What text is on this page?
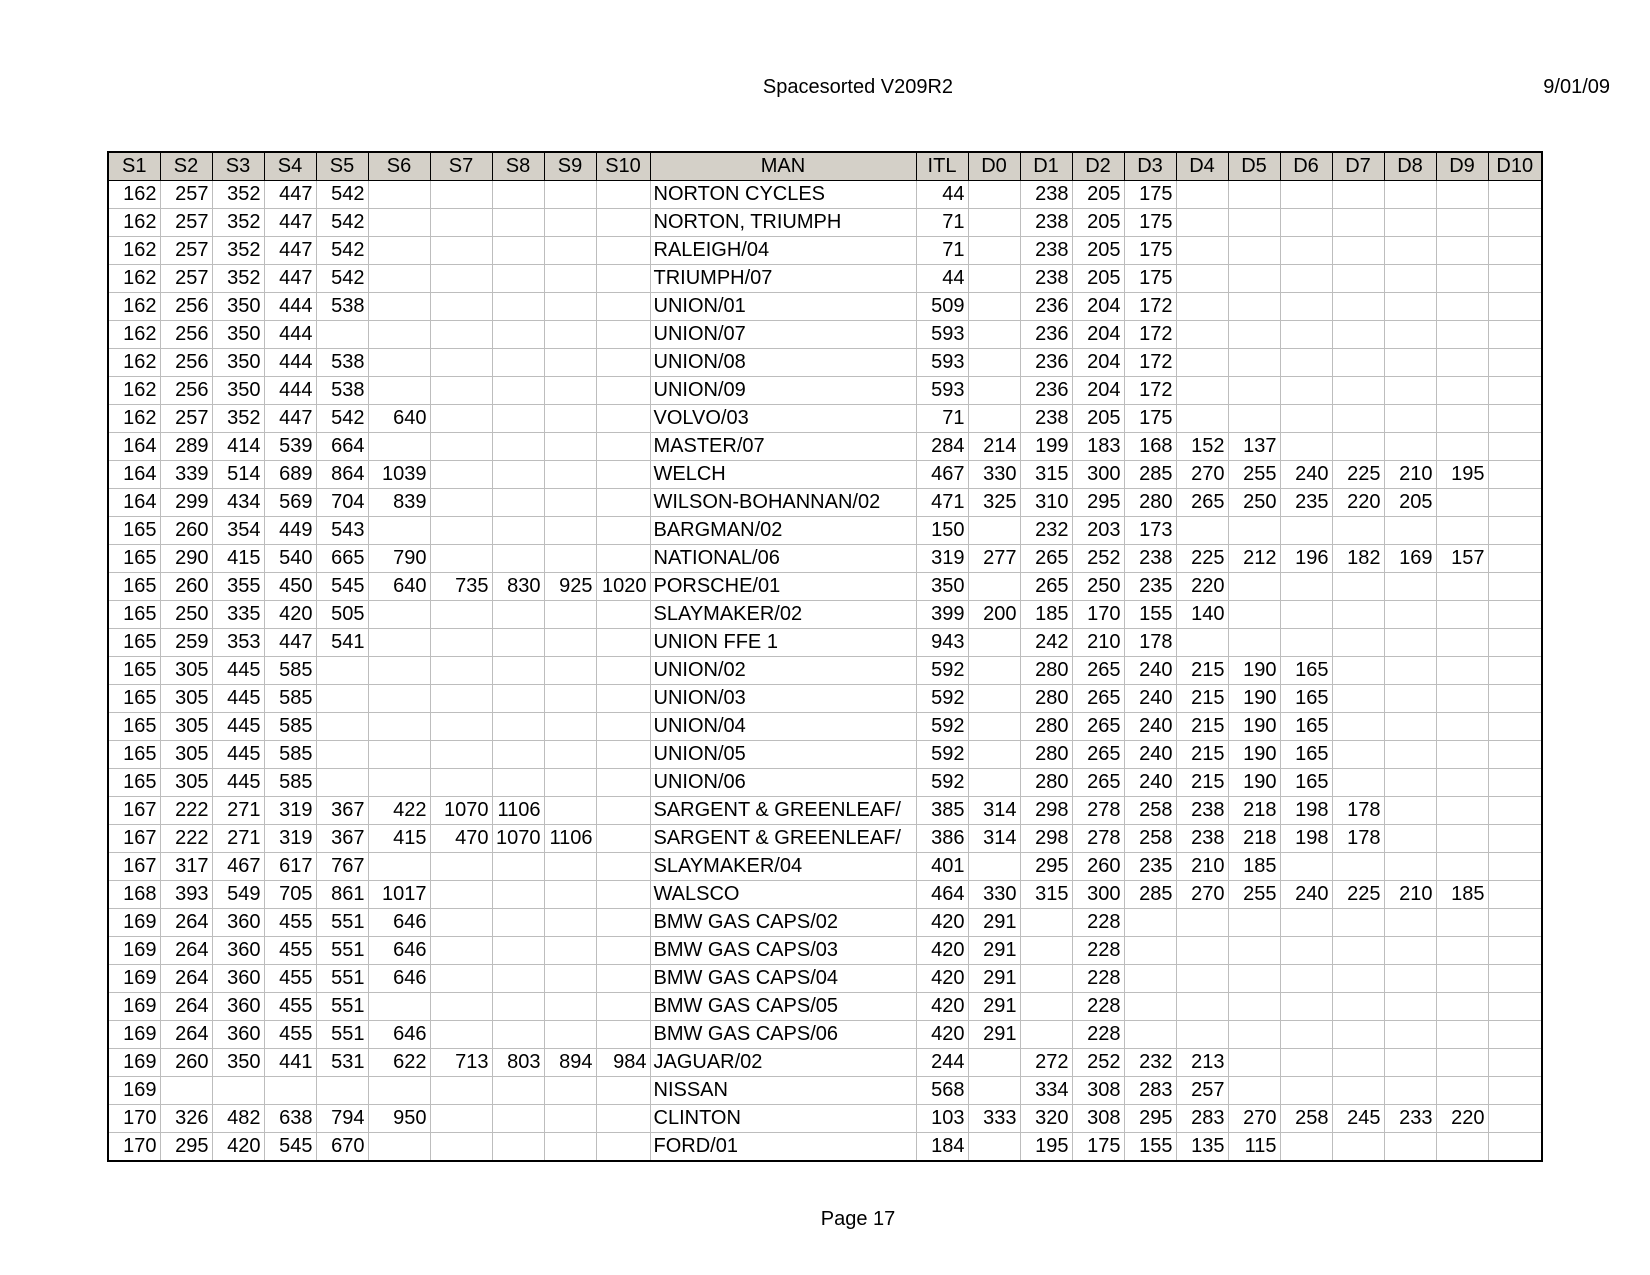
Spacesorted V209R2	9/01/09
S1	S2	S3	S4	S5	S6	S7	S8	S9	S10	MAN	ITL	D0	D1	D2	D3	D4	D5	D6	D7	D8	D9	D10
162	257	352	447	542						NORTON CYCLES	44		238	205	175							
162	257	352	447	542						NORTON, TRIUMPH	71		238	205	175							
162	257	352	447	542						RALEIGH/04	71		238	205	175							
162	257	352	447	542						TRIUMPH/07	44		238	205	175							
162	256	350	444	538						UNION/01	509		236	204	172							
162	256	350	444							UNION/07	593		236	204	172							
162	256	350	444	538						UNION/08	593		236	204	172							
162	256	350	444	538						UNION/09	593		236	204	172							
162	257	352	447	542	640					VOLVO/03	71		238	205	175							
164	289	414	539	664						MASTER/07	284	214	199	183	168	152	137					
164	339	514	689	864	1039					WELCH	467	330	315	300	285	270	255	240	225	210	195	
164	299	434	569	704	839					WILSON-BOHANNAN/02	471	325	310	295	280	265	250	235	220	205		
165	260	354	449	543						BARGMAN/02	150		232	203	173							
165	290	415	540	665	790					NATIONAL/06	319	277	265	252	238	225	212	196	182	169	157	
165	260	355	450	545	640	735	830	925	1020	PORSCHE/01	350		265	250	235	220						
165	250	335	420	505						SLAYMAKER/02	399	200	185	170	155	140						
165	259	353	447	541						UNION FFE 1	943		242	210	178							
165	305	445	585							UNION/02	592		280	265	240	215	190	165				
165	305	445	585							UNION/03	592		280	265	240	215	190	165				
165	305	445	585							UNION/04	592		280	265	240	215	190	165				
165	305	445	585							UNION/05	592		280	265	240	215	190	165				
165	305	445	585							UNION/06	592		280	265	240	215	190	165				
167	222	271	319	367	422	1070	1106			SARGENT & GREENLEAF/	385	314	298	278	258	238	218	198	178			
167	222	271	319	367	415	470	1070	1106		SARGENT & GREENLEAF/	386	314	298	278	258	238	218	198	178			
167	317	467	617	767						SLAYMAKER/04	401		295	260	235	210	185					
168	393	549	705	861	1017					WALSCO	464	330	315	300	285	270	255	240	225	210	185	
169	264	360	455	551	646					BMW GAS CAPS/02	420	291		228								
169	264	360	455	551	646					BMW GAS CAPS/03	420	291		228								
169	264	360	455	551	646					BMW GAS CAPS/04	420	291		228								
169	264	360	455	551						BMW GAS CAPS/05	420	291		228								
169	264	360	455	551	646					BMW GAS CAPS/06	420	291		228								
169	260	350	441	531	622	713	803	894	984	JAGUAR/02	244		272	252	232	213						
169										NISSAN	568		334	308	283	257						
170	326	482	638	794	950					CLINTON	103	333	320	308	295	283	270	258	245	233	220	
170	295	420	545	670						FORD/01	184		195	175	155	135	115					
Page 17
